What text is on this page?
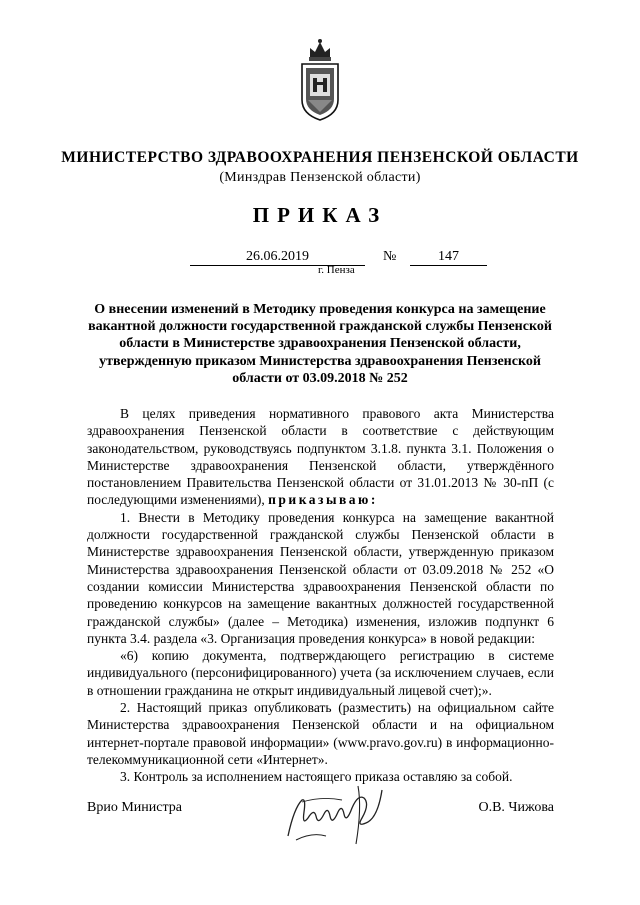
МИНИСТЕРСТВО ЗДРАВООХРАНЕНИЯ ПЕНЗЕНСКОЙ ОБЛАСТИ
(Минздрав Пензенской области)
ПРИКАЗ
26.06.2019	№	147
г. Пенза
О внесении изменений в Методику проведения конкурса на замещение вакантной должности государственной гражданской службы Пензенской области в Министерстве здравоохранения Пензенской области, утвержденную приказом Министерства здравоохранения Пензенской области от 03.09.2018 № 252

В целях приведения нормативного правового акта Министерства здравоохранения Пензенской области в соответствие с действующим законодательством, руководствуясь подпунктом 3.1.8. пункта 3.1. Положения о Министерстве здравоохранения Пензенской области, утверждённого постановлением Правительства Пензенской области от 31.01.2013 № 30-пП (с последующими изменениями), приказываю:

1. Внести в Методику проведения конкурса на замещение вакантной должности государственной гражданской службы Пензенской области в Министерстве здравоохранения Пензенской области, утвержденную приказом Министерства здравоохранения Пензенской области от 03.09.2018 № 252 «О создании комиссии Министерства здравоохранения Пензенской области по проведению конкурсов на замещение вакантных должностей государственной гражданской службы» (далее – Методика) изменения, изложив подпункт 6 пункта 3.4. раздела «3. Организация проведения конкурса» в новой редакции:

«6) копию документа, подтверждающего регистрацию в системе индивидуального (персонифицированного) учета (за исключением случаев, если в отношении гражданина не открыт индивидуальный лицевой счет);».

2. Настоящий приказ опубликовать (разместить) на официальном сайте Министерства здравоохранения Пензенской области и на официальном интернет-портале правовой информации» (www.pravo.gov.ru) в информационно-телекоммуникационной сети «Интернет».

3. Контроль за исполнением настоящего приказа оставляю за собой.

Врио Министра	О.В. Чижова
